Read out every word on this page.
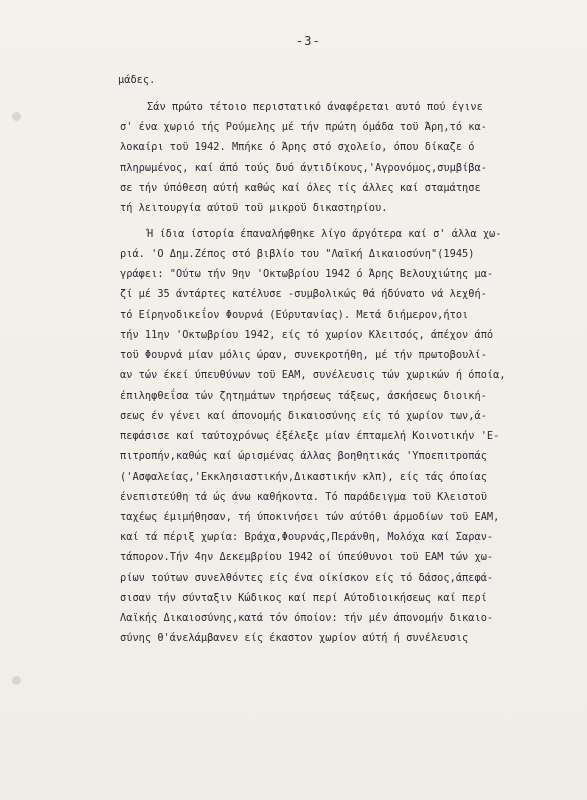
-3-
μάδες.
Σάν πρώτο τέτοιο περιστατικό άναφέρεται αυτό πού έγινε
σ' ένα χωριό τής Ρούμελης μέ τήν πρώτη όμάδα τοϋ Άρη,τό κα-
λοκαίρι τοϋ 1942. Μπήκε ό Άρης στό σχολείο, όπου δίκαζε ό
πληρωμένος, καί άπό τούς δυό άντιδίκους,'Αγρονόμος,συμβίβα-
σε τήν ύπόθεση αύτή καθώς καί όλες τίς άλλες καί σταμάτησε
τή λειτουργία αύτοϋ τοϋ μικροϋ δικαστηρίου.
Ή ίδια ίστορία έπαναλήφθηκε λίγο άργότερα καί σ' άλλα χω-
ριά. 'Ο Δημ.Ζέπος στό βιβλίο του "Λαϊκή Δικαιοσύνη"(1945)
γράφει: "Ούτω τήν 9ην 'Οκτωβρίου 1942 ό Άρης Βελουχιώτης μα-
ζί μέ 35 άντάρτες κατέλυσε -συμβολικώς θά ήδύνατο νά λεχθή-
τό Είρηνοδικεΐον Φουρνά (Εύρυτανίας). Μετά διήμερον,ήτοι
τήν 11ην 'Οκτωβρίου 1942, είς τό χωρίον Κλειτσός, άπέχον άπό
τοϋ Φουρνά μίαν μόλις ώραν, συνεκροτήθη, μέ τήν πρωτοβουλί-
αν τών έκεί ύπευθύνων τοϋ ΕΑΜ, συνέλευσις τών χωρικών ή όποία,
έπιληφθεΐσα τών ζητημάτων τηρήσεως τάξεως, άσκήσεως διοική-
σεως έν γένει καί άπονομής δικαιοσύνης είς τό χωρίον των,ά-
πεφάσισε καί ταύτοχρόνως έξέλεξε μίαν έπταμελή Κοινοτικήν 'Ε-
πιτροπήν,καθώς καί ώρισμένας άλλας βοηθητικάς 'Υποεπιτροπάς
('Ασφαλείας,'Εκκλησιαστικήν,Δικαστικήν κλπ), είς τάς όποίας
ένεπιστεύθη τά ώς άνω καθήκοντα. Τό παράδειγμα τοϋ Κλειστοϋ
ταχέως έμιμήθησαν, τή ύποκινήσει τών αύτόθι άρμοδίων τοϋ ΕΑΜ,
καί τά πέριξ χωρία: Βράχα,Φουρνάς,Περάνθη, Μολόχα καί Σαραν-
τάπορον.Τήν 4ην Δεκεμβρίου 1942 οί ύπεύθυνοι τοϋ ΕΑΜ τών χω-
ρίων τούτων συνελθόντες είς ένα οίκίσκον είς τό δάσος,άπεφά-
σισαν τήν σύνταξιν Κώδικος καί περί Αύτοδιοικήσεως καί περί
Λαϊκής Δικαιοσύνης,κατά τόν όποίον: τήν μέν άπονομήν δικαιο-
σύνης θ'άνελάμβανεν είς έκαστον χωρίον αύτή ή συνέλευσις
